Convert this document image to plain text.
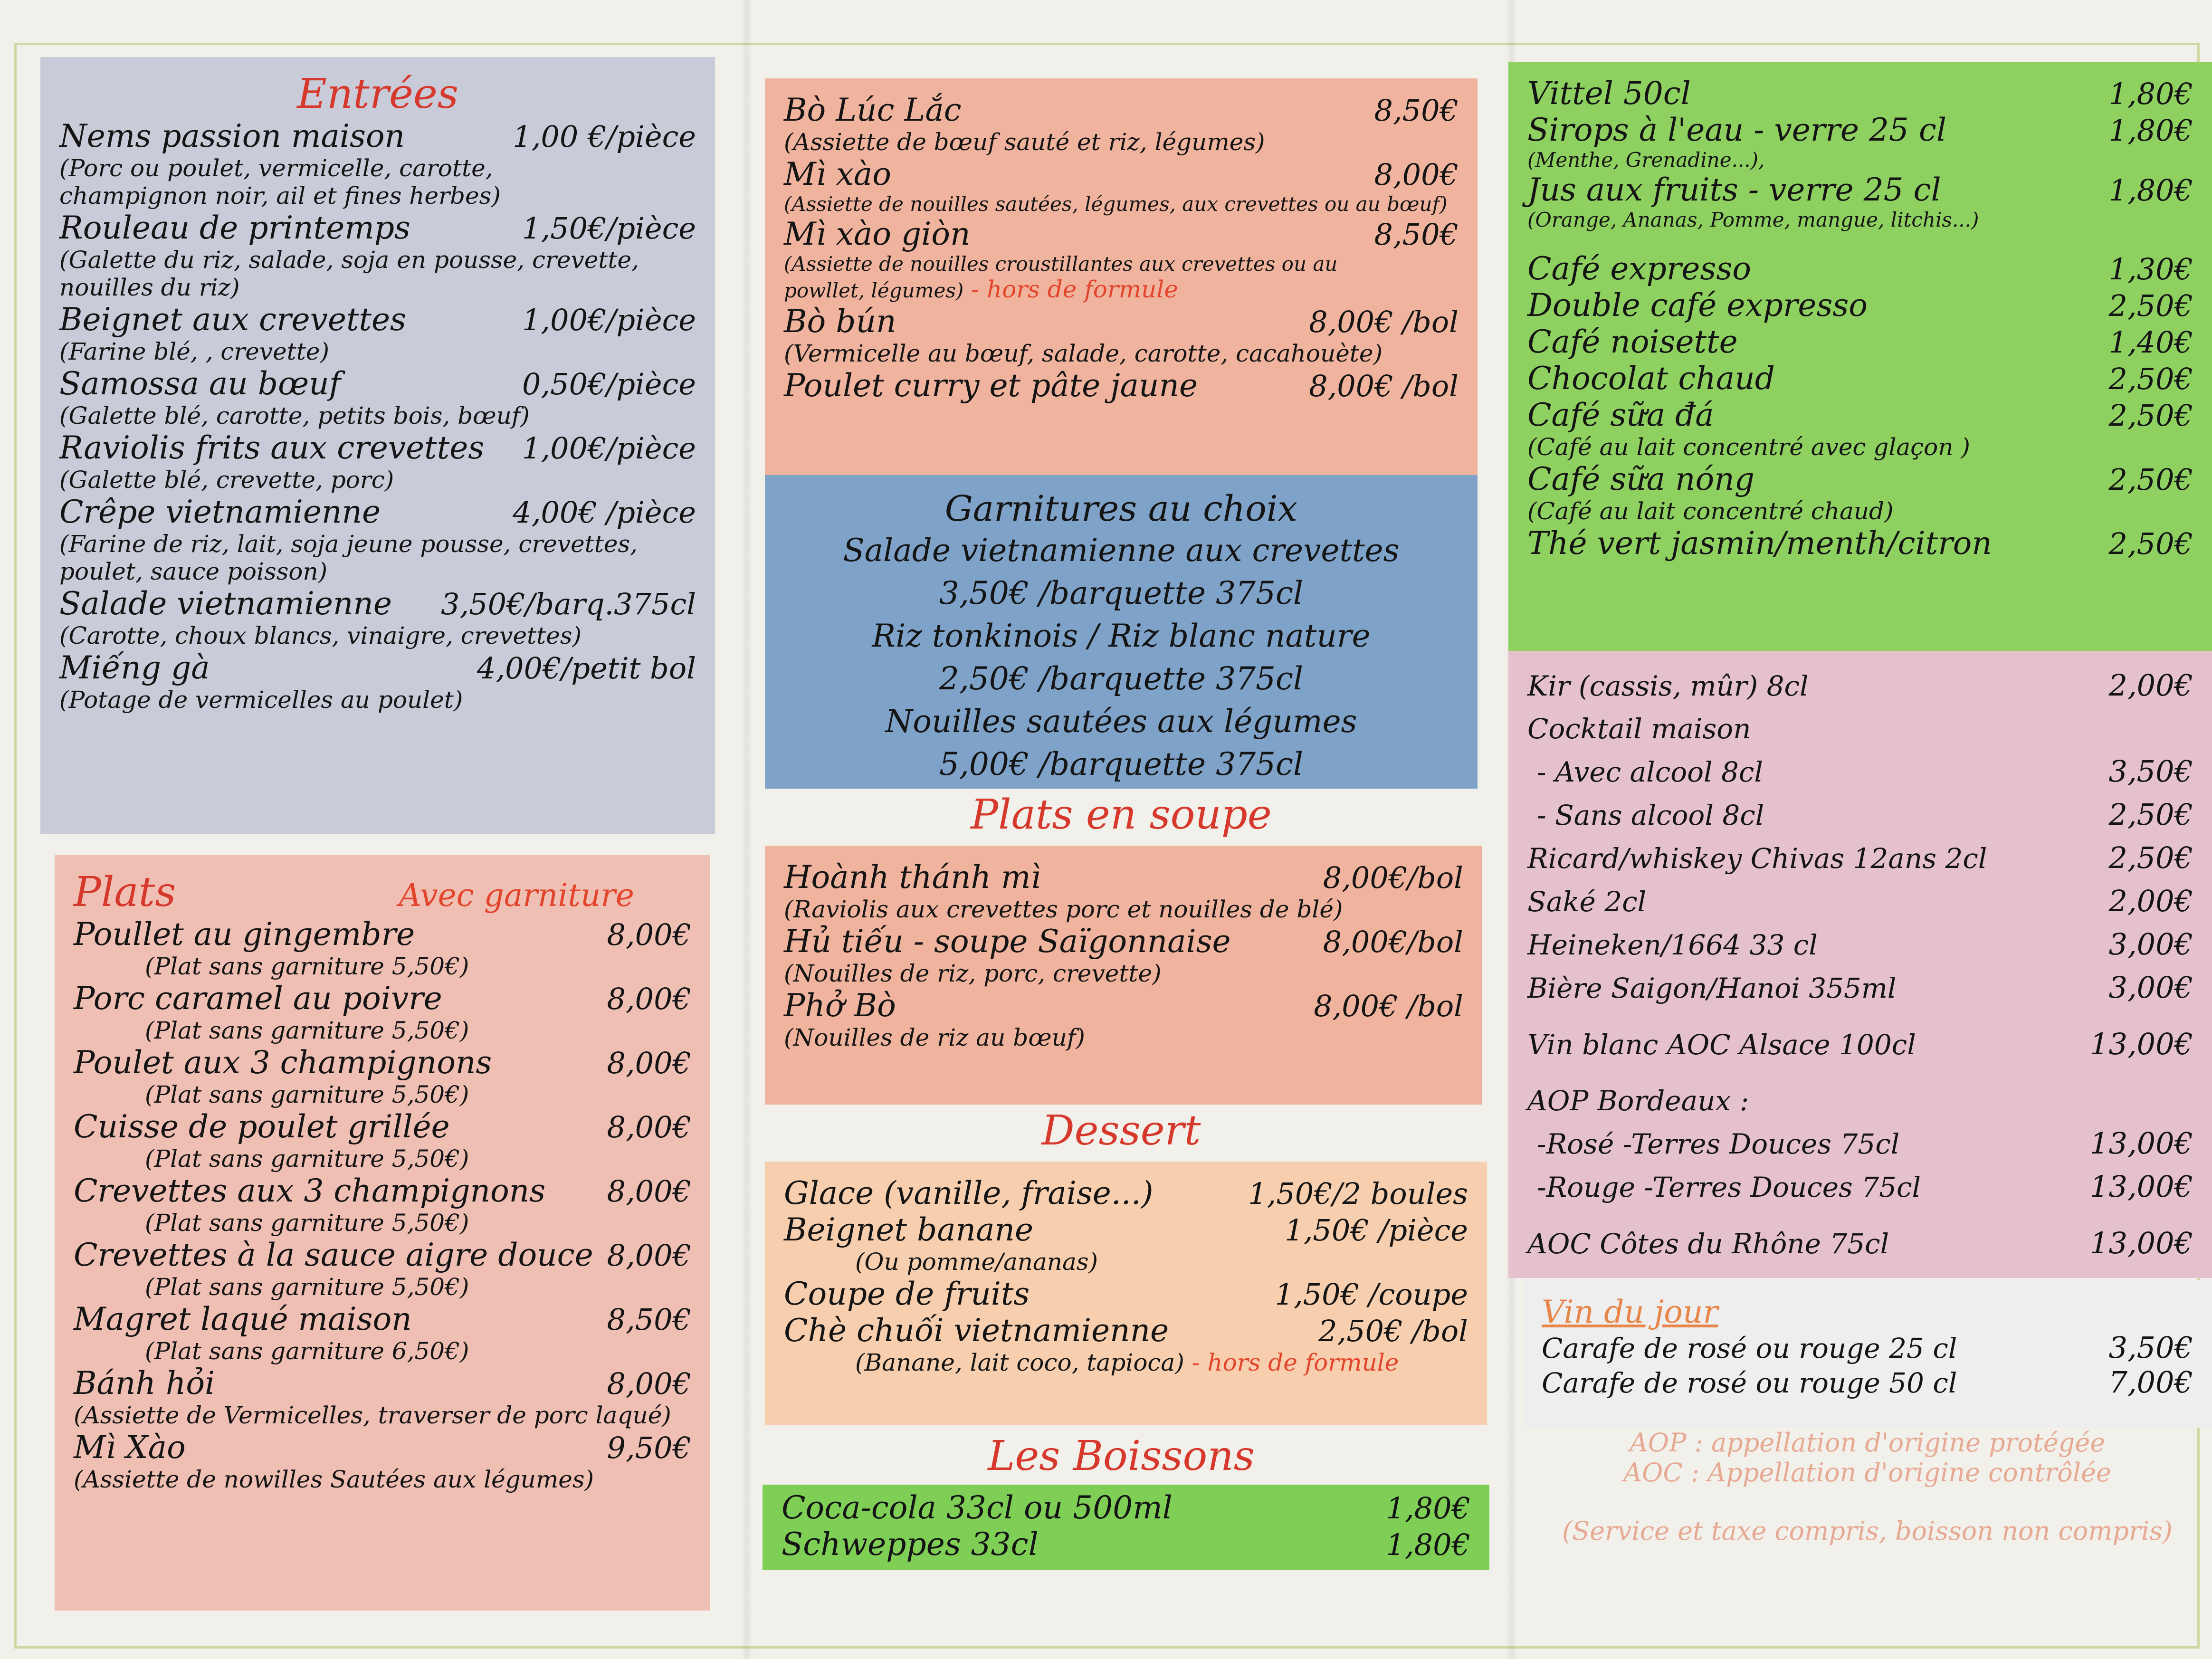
Entrées
Nems passion maison	1,00 €/pièce
(Porc ou poulet, vermicelle, carotte,
champignon noir, ail et fines herbes)
Rouleau de printemps	1,50€/pièce
(Galette du riz, salade, soja en pousse, crevette,
nouilles du riz)
Beignet aux crevettes	1,00€/pièce
(Farine blé, , crevette)
Samossa au bœuf	0,50€/pièce
(Galette blé, carotte, petits bois, bœuf)
Raviolis frits aux crevettes 1,00€/pièce
(Galette blé, crevette, porc)
Crêpe vietnamienne	4,00€ /pièce
(Farine de riz, lait, soja jeune pousse, crevettes,
poulet, sauce poisson)
Salade vietnamienne 3,50€/barq.375cl
(Carotte, choux blancs, vinaigre, crevettes)
Miếng gà	4,00€/petit bol
(Potage de vermicelles au poulet)
Plats	Avec garniture
Poullet au gingembre	8,00€
(Plat sans garniture 5,50€)
Porc caramel au poivre	8,00€
(Plat sans garniture 5,50€)
Poulet aux 3 champignons	8,00€
(Plat sans garniture 5,50€)
Cuisse de poulet grillée	8,00€
(Plat sans garniture 5,50€)
Crevettes aux 3 champignons 8,00€
(Plat sans garniture 5,50€)
Crevettes à la sauce aigre douce 8,00€
(Plat sans garniture 5,50€)
Magret laqué maison	8,50€
(Plat sans garniture 6,50€)
Bánh hỏi	8,00€
(Assiette de Vermicelles, traverser de porc laqué)
Mì Xào	9,50€
(Assiette de nowilles Sautées aux légumes)
Bò Lúc Lắc	8,50€
(Assiette de bœuf sauté et riz, légumes)
Mì xào	8,00€
(Assiette de nouilles sautées, légumes, aux crevettes ou au bœuf)
Mì xào giòn	8,50€
(Assiette de nouilles croustillantes aux crevettes ou au
powllet, légumes) - hors de formule
Bò bún	8,00€ /bol
(Vermicelle au bœuf, salade, carotte, cacahouète)
Poulet curry et pâte jaune	8,00€ /bol
Garnitures au choix
Salade vietnamienne aux crevettes
3,50€ /barquette 375cl
Riz tonkinois / Riz blanc nature
2,50€ /barquette 375cl
Nouilles sautées aux légumes
5,00€ /barquette 375cl
Plats en soupe
Hoành thánh mì	8,00€/bol
(Raviolis aux crevettes porc et nouilles de blé)
Hủ tiếu - soupe Saïgonnaise	8,00€/bol
(Nouilles de riz, porc, crevette)
Phở Bò	8,00€ /bol
(Nouilles de riz au bœuf)
Dessert
Glace (vanille, fraise...)	1,50€/2 boules
Beignet banane	1,50€ /pièce
(Ou pomme/ananas)
Coupe de fruits	1,50€ /coupe
Chè chuối vietnamienne	2,50€ /bol
(Banane, lait coco, tapioca) - hors de formule
Les Boissons
Coca-cola 33cl ou 500ml	1,80€
Schweppes 33cl	1,80€
Vittel 50cl	1,80€
Sirops à l'eau - verre 25 cl	1,80€
(Menthe, Grenadine...),
Jus aux fruits - verre 25 cl	1,80€
(Orange, Ananas, Pomme, mangue, litchis...)
Café expresso	1,30€
Double café expresso	2,50€
Café noisette	1,40€
Chocolat chaud	2,50€
Café sữa đá	2,50€
(Café au lait concentré avec glaçon )
Café sữa nóng	2,50€
(Café au lait concentré chaud)
Thé vert jasmin/menth/citron	2,50€
Kir (cassis, mûr) 8cl	2,00€
Cocktail maison
- Avec alcool 8cl	3,50€
- Sans alcool 8cl	2,50€
Ricard/whiskey Chivas 12ans 2cl	2,50€
Saké 2cl	2,00€
Heineken/1664 33 cl	3,00€
Bière Saigon/Hanoi 355ml	3,00€
Vin blanc AOC Alsace 100cl	13,00€
AOP Bordeaux :
-Rosé -Terres Douces 75cl	13,00€
-Rouge -Terres Douces 75cl	13,00€
AOC Côtes du Rhône 75cl	13,00€
Vin du jour
Carafe de rosé ou rouge 25 cl	3,50€
Carafe de rosé ou rouge 50 cl	7,00€
AOP : appellation d'origine protégée
AOC : Appellation d'origine contrôlée
(Service et taxe compris, boisson non compris)
